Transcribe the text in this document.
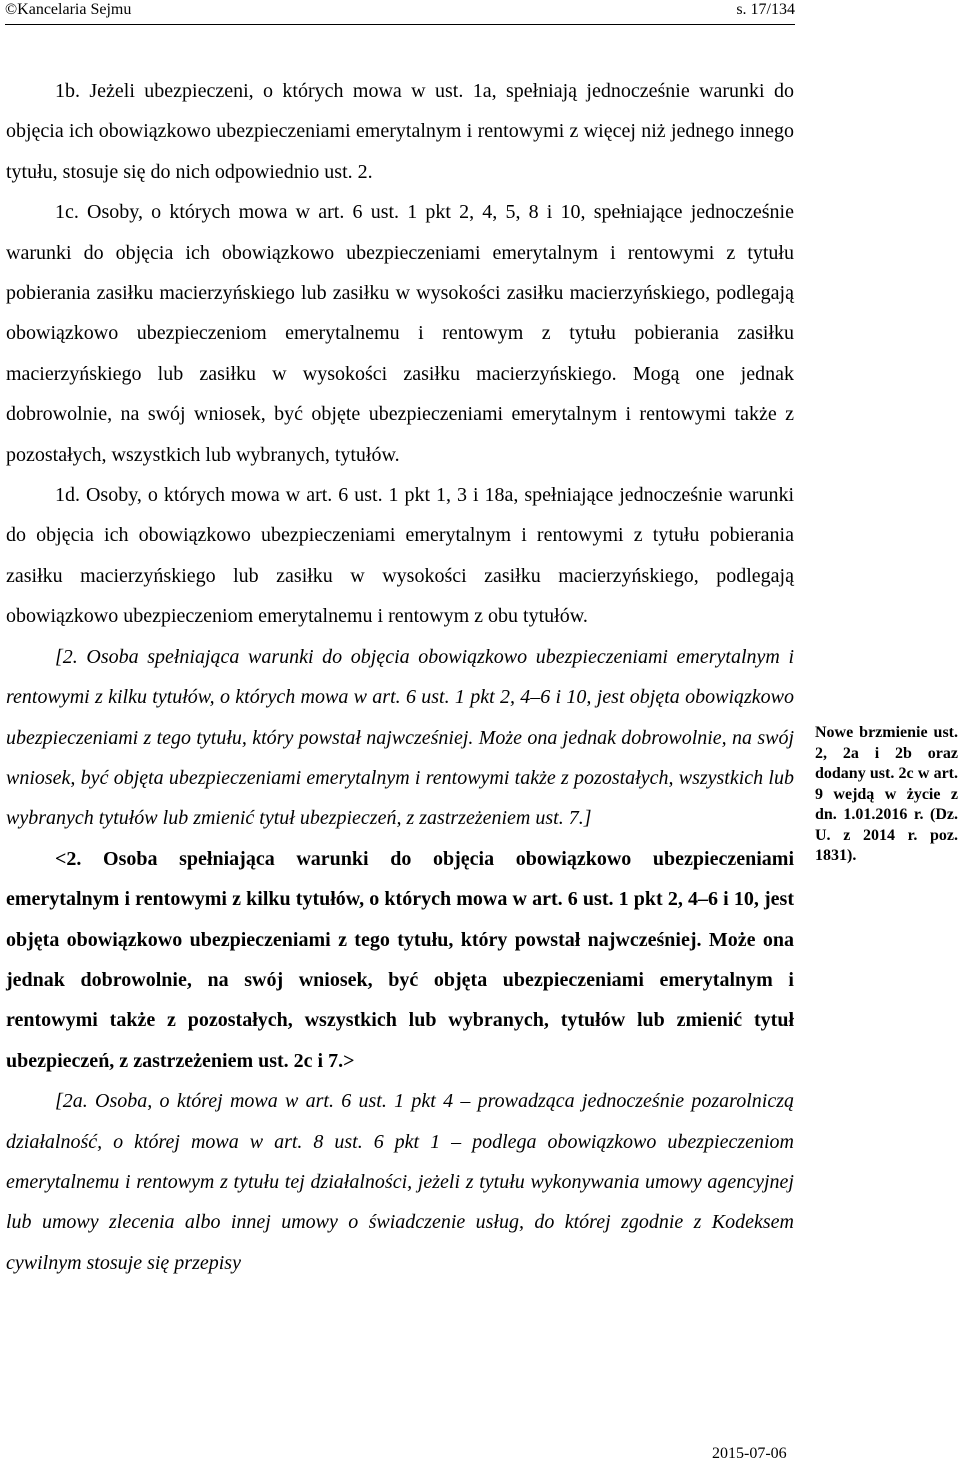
©Kancelaria Sejmu	s. 17/134

1b. Jeżeli ubezpieczeni, o których mowa w ust. 1a, spełniają jednocześnie warunki do objęcia ich obowiązkowo ubezpieczeniami emerytalnym i rentowymi z więcej niż jednego innego tytułu, stosuje się do nich odpowiednio ust. 2.

1c. Osoby, o których mowa w art. 6 ust. 1 pkt 2, 4, 5, 8 i 10, spełniające jednocześnie warunki do objęcia ich obowiązkowo ubezpieczeniami emerytalnym i rentowymi z tytułu pobierania zasiłku macierzyńskiego lub zasiłku w wysokości zasiłku macierzyńskiego, podlegają obowiązkowo ubezpieczeniom emerytalnemu i rentowym z tytułu pobierania zasiłku macierzyńskiego lub zasiłku w wysokości zasiłku macierzyńskiego. Mogą one jednak dobrowolnie, na swój wniosek, być objęte ubezpieczeniami emerytalnym i rentowymi także z pozostałych, wszystkich lub wybranych, tytułów.

1d. Osoby, o których mowa w art. 6 ust. 1 pkt 1, 3 i 18a, spełniające jednocześnie warunki do objęcia ich obowiązkowo ubezpieczeniami emerytalnym i rentowymi z tytułu pobierania zasiłku macierzyńskiego lub zasiłku w wysokości zasiłku macierzyńskiego, podlegają obowiązkowo ubezpieczeniom emerytalnemu i rentowym z obu tytułów.

[2. Osoba spełniająca warunki do objęcia obowiązkowo ubezpieczeniami emerytalnym i rentowymi z kilku tytułów, o których mowa w art. 6 ust. 1 pkt 2, 4–6 i 10, jest objęta obowiązkowo ubezpieczeniami z tego tytułu, który powstał najwcześniej. Może ona jednak dobrowolnie, na swój wniosek, być objęta ubezpieczeniami emerytalnym i rentowymi także z pozostałych, wszystkich lub wybranych tytułów lub zmienić tytuł ubezpieczeń, z zastrzeżeniem ust. 7.]

<2. Osoba spełniająca warunki do objęcia obowiązkowo ubezpieczeniami emerytalnym i rentowymi z kilku tytułów, o których mowa w art. 6 ust. 1 pkt 2, 4–6 i 10, jest objęta obowiązkowo ubezpieczeniami z tego tytułu, który powstał najwcześniej. Może ona jednak dobrowolnie, na swój wniosek, być objęta ubezpieczeniami emerytalnym i rentowymi także z pozostałych, wszystkich lub wybranych, tytułów lub zmienić tytuł ubezpieczeń, z zastrzeżeniem ust. 2c i 7.>

[2a. Osoba, o której mowa w art. 6 ust. 1 pkt 4 – prowadząca jednocześnie pozarolniczą działalność, o której mowa w art. 8 ust. 6 pkt 1 – podlega obowiązkowo ubezpieczeniom emerytalnemu i rentowym z tytułu tej działalności, jeżeli z tytułu wykonywania umowy agencyjnej lub umowy zlecenia albo innej umowy o świadczenie usług, do której zgodnie z Kodeksem cywilnym stosuje się przepisy

Nowe brzmienie ust. 2, 2a i 2b oraz dodany ust. 2c w art. 9 wejdą w życie z dn. 1.01.2016 r. (Dz. U. z 2014 r. poz. 1831).
2015-07-06
